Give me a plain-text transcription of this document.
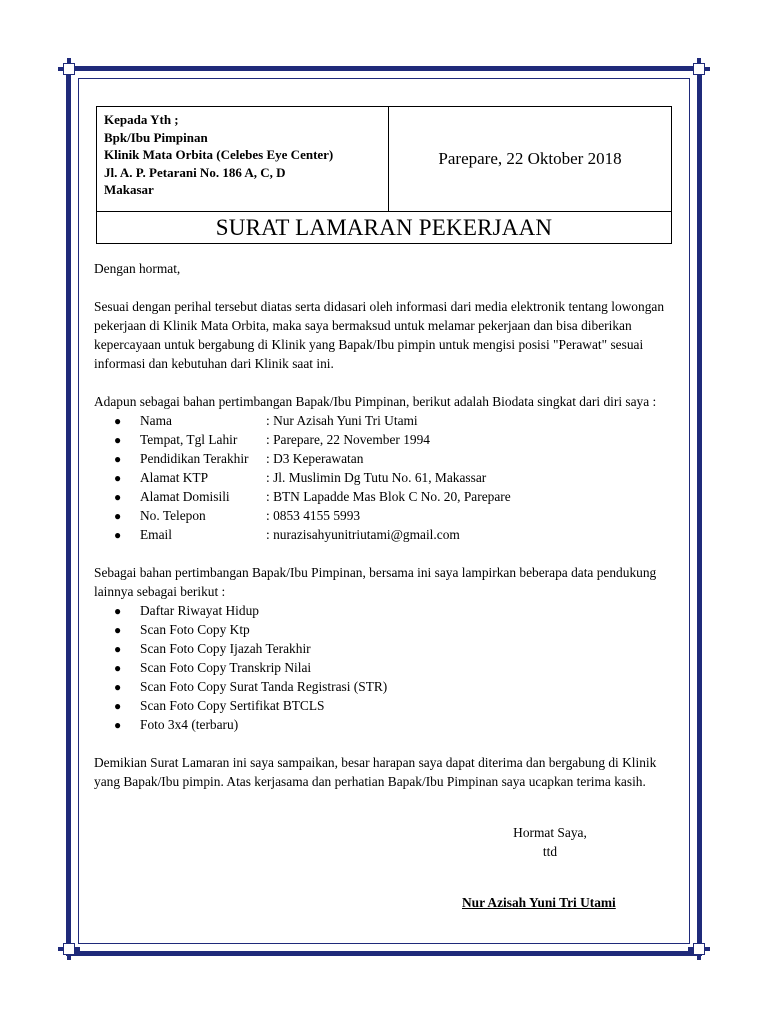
Kepada Yth ;
Bpk/Ibu Pimpinan
Klinik Mata Orbita (Celebes Eye Center)
Jl. A. P. Petarani No. 186 A, C, D
Makasar
Parepare, 22 Oktober 2018
SURAT LAMARAN PEKERJAAN

Dengan hormat,

Sesuai dengan perihal tersebut diatas serta didasari oleh informasi dari media elektronik tentang lowongan pekerjaan di Klinik Mata Orbita, maka saya bermaksud untuk melamar pekerjaan dan bisa diberikan kepercayaan untuk bergabung di Klinik yang Bapak/Ibu pimpin untuk mengisi posisi "Perawat" sesuai informasi dan kebutuhan dari Klinik saat ini.

Adapun sebagai bahan pertimbangan Bapak/Ibu Pimpinan, berikut adalah Biodata singkat dari diri saya :

●	Nama	: Nur Azisah Yuni Tri Utami
●	Tempat, Tgl Lahir	: Parepare, 22 November 1994
●	Pendidikan Terakhir	: D3 Keperawatan
●	Alamat KTP	: Jl. Muslimin Dg Tutu No. 61, Makassar
●	Alamat Domisili	: BTN Lapadde Mas Blok C No. 20, Parepare
●	No. Telepon	: 0853 4155 5993
●	Email	: nurazisahyunitriutami@gmail.com

Sebagai bahan pertimbangan Bapak/Ibu Pimpinan, bersama ini saya lampirkan beberapa data pendukung lainnya sebagai berikut :

●	Daftar Riwayat Hidup
●	Scan Foto Copy Ktp
●	Scan Foto Copy Ijazah Terakhir
●	Scan Foto Copy Transkrip Nilai
●	Scan Foto Copy Surat Tanda Registrasi (STR)
●	Scan Foto Copy Sertifikat BTCLS
●	Foto 3x4 (terbaru)

Demikian Surat Lamaran ini saya sampaikan, besar harapan saya dapat diterima dan bergabung di Klinik yang Bapak/Ibu pimpin. Atas kerjasama dan perhatian Bapak/Ibu Pimpinan saya ucapkan terima kasih.

Hormat Saya,
ttd
Nur Azisah Yuni Tri Utami
